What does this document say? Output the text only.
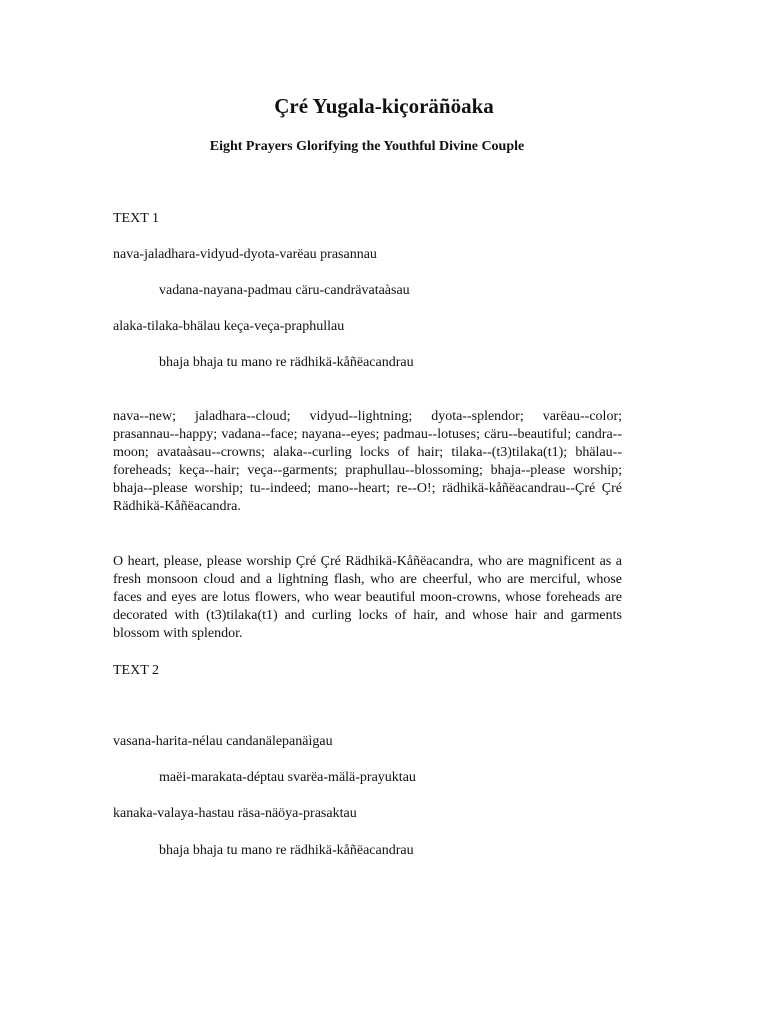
Çré Yugala-kiçoräñöaka
Eight Prayers Glorifying the Youthful Divine Couple
TEXT 1
nava-jaladhara-vidyud-dyota-varëau prasannau
vadana-nayana-padmau cäru-candrävataàsau
alaka-tilaka-bhälau keça-veça-praphullau
bhaja bhaja tu mano re rädhikä-kåñëacandrau
nava--new; jaladhara--cloud; vidyud--lightning; dyota--splendor; varëau--color; prasannau--happy; vadana--face; nayana--eyes; padmau--lotuses; cäru--beautiful; candra--moon; avataàsau--crowns; alaka--curling locks of hair; tilaka--(t3)tilaka(t1); bhälau--foreheads; keça--hair; veça--garments; praphullau--blossoming; bhaja--please worship; bhaja--please worship; tu--indeed; mano--heart; re--O!; rädhikä-kåñëacandrau--Çré Çré Rädhikä-Kåñëacandra.
O heart, please, please worship Çré Çré Rädhikä-Kåñëacandra, who are magnificent as a fresh monsoon cloud and a lightning flash, who are cheerful, who are merciful, whose faces and eyes are lotus flowers, who wear beautiful moon-crowns, whose foreheads are decorated with (t3)tilaka(t1) and curling locks of hair, and whose hair and garments blossom with splendor.
TEXT 2
vasana-harita-nélau candanälepanäìgau
maëi-marakata-déptau svarëa-mälä-prayuktau
kanaka-valaya-hastau räsa-näöya-prasaktau
bhaja bhaja tu mano re rädhikä-kåñëacandrau
